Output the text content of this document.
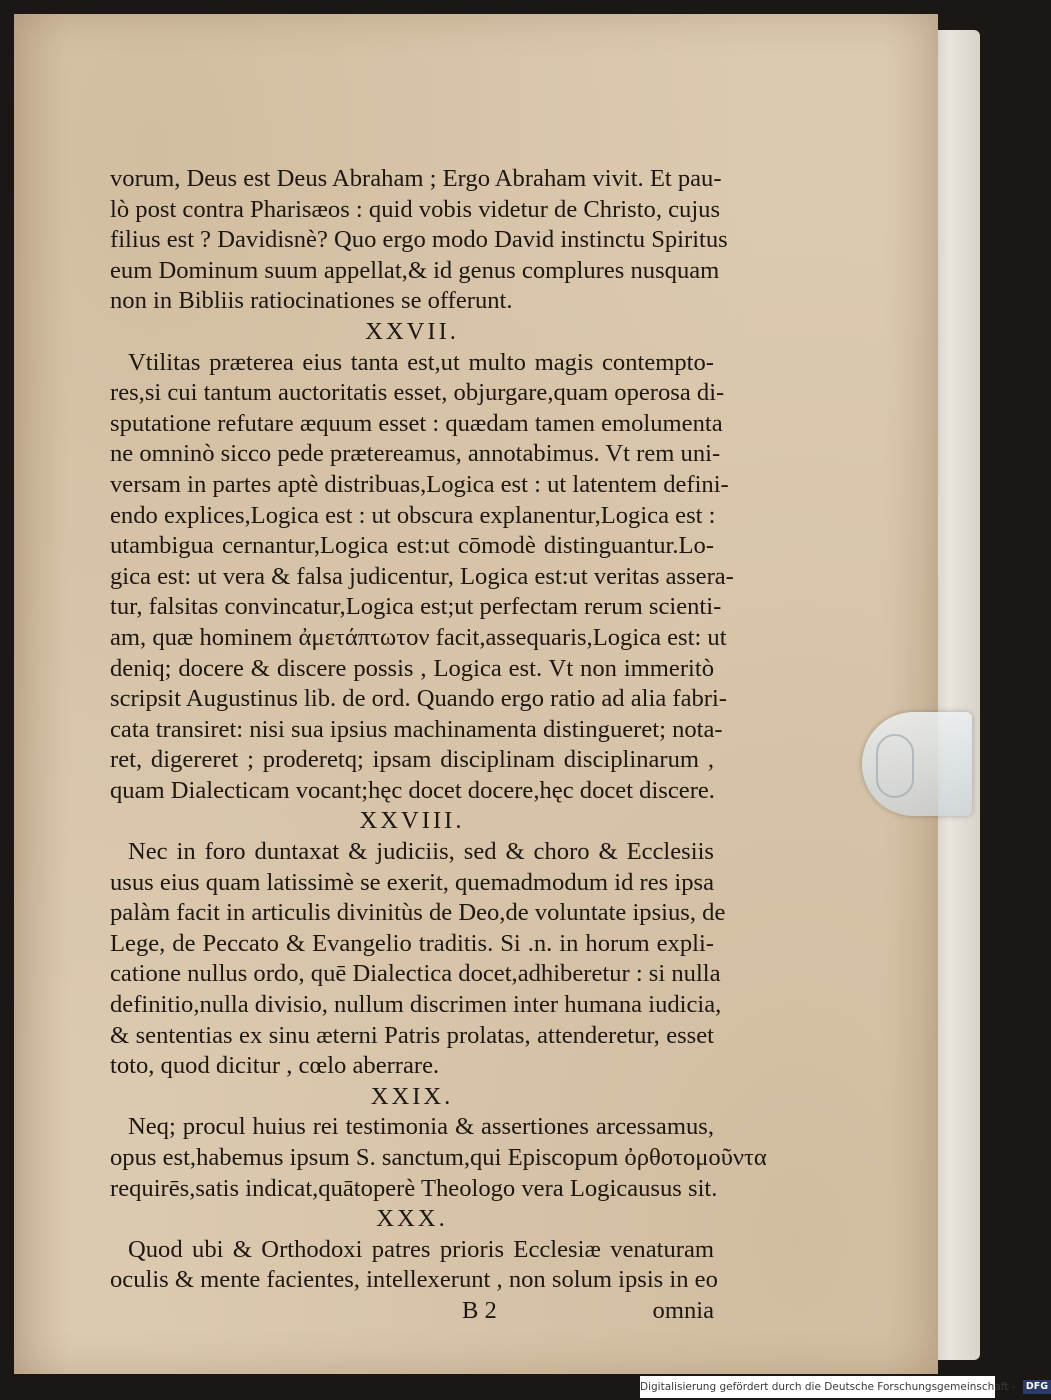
vorum, Deus est Deus Abraham ; Ergo Abraham vivit. Et pau-
lò post contra Pharisæos : quid vobis videtur de Christo, cujus
filius est ? Davidisnè? Quo ergo modo David instinctu Spiritus
eum Dominum suum appellat,& id genus complures nusquam
non in Bibliis ratiocinationes se offerunt.
XXVII.
Vtilitas præterea eius tanta est,ut multo magis contempto-
res,si cui tantum auctoritatis esset, objurgare,quam operosa di-
sputatione refutare æquum esset : quædam tamen emolumenta
ne omninò sicco pede prætereamus, annotabimus. Vt rem uni-
versam in partes aptè distribuas,Logica est : ut latentem defini-
endo explices,Logica est : ut obscura explanentur,Logica est :
utambigua cernantur,Logica est:ut cōmodè distinguantur.Lo-
gica est: ut vera & falsa judicentur, Logica est:ut veritas assera-
tur, falsitas convincatur,Logica est;ut perfectam rerum scienti-
am, quæ hominem ἀμετάπτωτον facit,assequaris,Logica est: ut
deniq; docere & discere possis , Logica est. Vt non immeritò
scripsit Augustinus lib. de ord. Quando ergo ratio ad alia fabri-
cata transiret: nisi sua ipsius machinamenta distingueret; nota-
ret, digereret ; proderetq; ipsam disciplinam disciplinarum ,
quam Dialecticam vocant;hęc docet docere,hęc docet discere.
XXVIII.
Nec in foro duntaxat & judiciis, sed & choro & Ecclesiis
usus eius quam latissimè se exerit, quemadmodum id res ipsa
palàm facit in articulis divinitùs de Deo,de voluntate ipsius, de
Lege, de Peccato & Evangelio traditis. Si .n. in horum expli-
catione nullus ordo, quē Dialectica docet,adhiberetur : si nulla
definitio,nulla divisio, nullum discrimen inter humana iudicia,
& sententias ex sinu æterni Patris prolatas, attenderetur, esset
toto, quod dicitur , cœlo aberrare.
XXIX.
Neq; procul huius rei testimonia & assertiones arcessamus,
opus est,habemus ipsum S. sanctum,qui Episcopum ὀρθοτομοῦντα
requirēs,satis indicat,quātoperè Theologo vera Logicausus sit.
XXX.
Quod ubi & Orthodoxi patres prioris Ecclesiæ venaturam
oculis & mente facientes, intellexerunt , non solum ipsis in eo
B 2	omnia
Digitalisierung gefördert durch die Deutsche Forschungsgemeinschaft - DFG
